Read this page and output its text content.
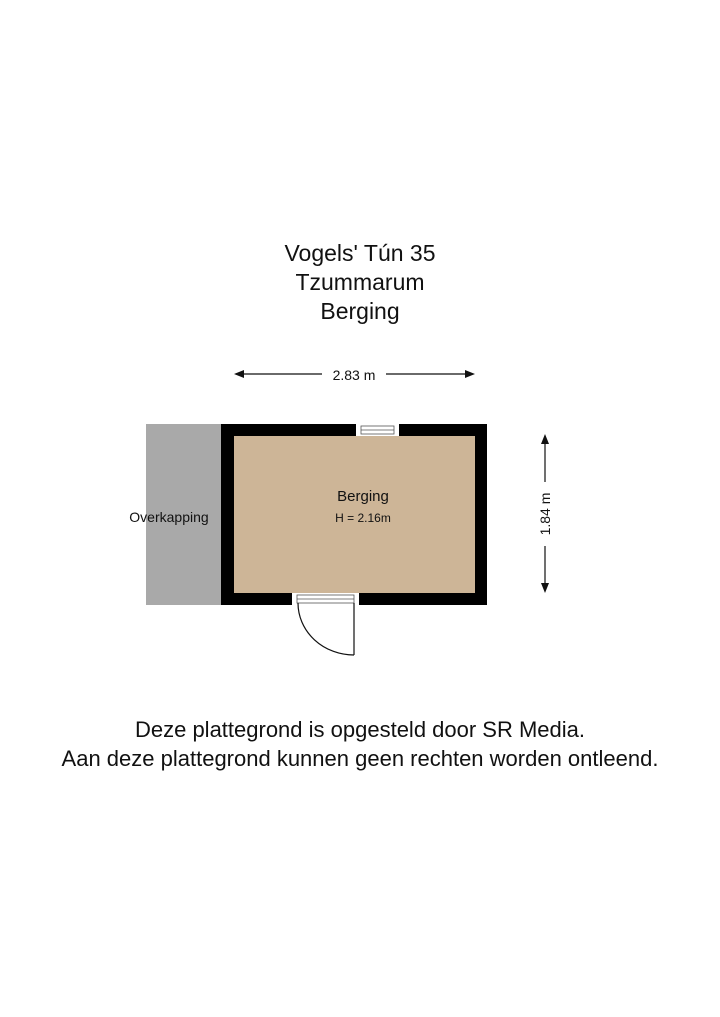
Vogels' Tún 35
Tzummarum
Berging
2.83 m
Overkapping
Berging
H = 2.16m	1.84 m
Deze plattegrond is opgesteld door SR Media.
Aan deze plattegrond kunnen geen rechten worden ontleend.
